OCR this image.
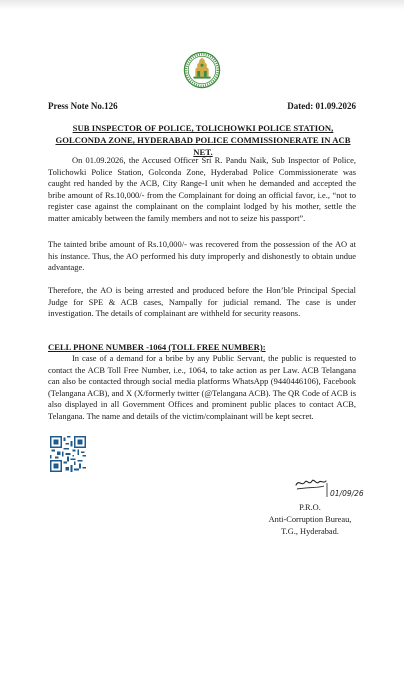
Press Note No.126	Dated: 01.09.2026
SUB INSPECTOR OF POLICE, TOLICHOWKI POLICE STATION, GOLCONDA ZONE, HYDERABAD POLICE COMMISSIONERATE IN ACB NET.

On 01.09.2026, the Accused Officer Sri R. Pandu Naik, Sub Inspector of Police, Tolichowki Police Station, Golconda Zone, Hyderabad Police Commissionerate was caught red handed by the ACB, City Range-I unit when he demanded and accepted the bribe amount of Rs.10,000/- from the Complainant for doing an official favor, i.e., “not to register case against the complainant on the complaint lodged by his mother, settle the matter amicably between the family members and not to seize his passport”.

The tainted bribe amount of Rs.10,000/- was recovered from the possession of the AO at his instance. Thus, the AO performed his duty improperly and dishonestly to obtain undue advantage.

Therefore, the AO is being arrested and produced before the Hon’ble Principal Special Judge for SPE & ACB cases, Nampally for judicial remand. The case is under investigation. The details of complainant are withheld for security reasons.

CELL PHONE NUMBER -1064 (TOLL FREE NUMBER):

In case of a demand for a bribe by any Public Servant, the public is requested to contact the ACB Toll Free Number, i.e., 1064, to take action as per Law. ACB Telangana can also be contacted through social media platforms WhatsApp (9440446106), Facebook (Telangana ACB), and X (X/formerly twitter (@Telangana ACB). The QR Code of ACB is also displayed in all Government Offices and prominent public places to contact ACB, Telangana. The name and details of the victim/complainant will be kept secret.

01/09/26
P.R.O.
Anti-Corruption Bureau,
T.G., Hyderabad.
